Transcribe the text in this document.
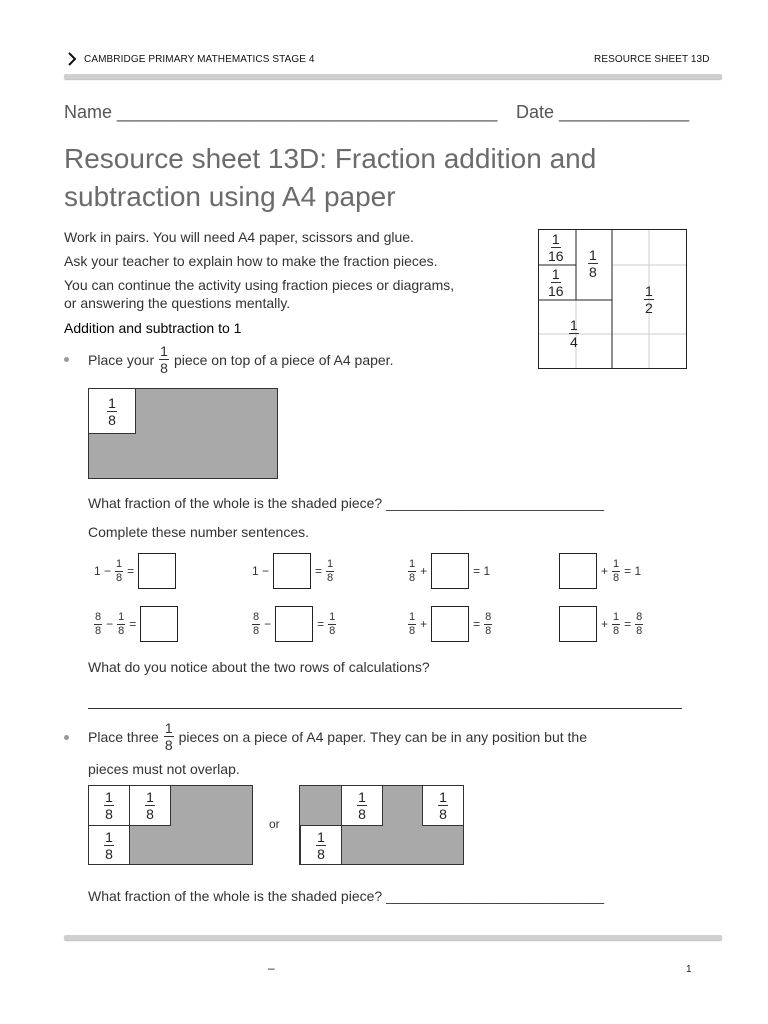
CAMBRIDGE PRIMARY MATHEMATICS STAGE 4	RESOURCE SHEET 13D
Name ______________________________________ Date _____________
Resource sheet 13D: Fraction addition and
subtraction using A4 paper
Work in pairs. You will need A4 paper, scissors and glue.
Ask your teacher to explain how to make the fraction pieces.
You can continue the activity using fraction pieces or diagrams,
or answering the questions mentally.
Addition and subtraction to 1
$\frac{1}{16}$
$\frac{1}{16}$
$\frac{1}{8}$
$\frac{1}{2}$
$\frac{1}{4}$
Place your $\frac{1}{8}$ piece on top of a piece of A4 paper.
$\frac{1}{8}$
What fraction of the whole is the shaded piece? ____________________________
Complete these number sentences.
$1 - \frac{1}{8}$ =	1 −	= $\frac{1}{8}$	$\frac{1}{8}$ +	= 1	+ $\frac{1}{8} = 1$
$\frac{8}{8} - \frac{1}{8}$ =	$\frac{8}{8}$ −	= $\frac{1}{8}$	$\frac{1}{8}$ +	= $\frac{8}{8}$	+ $\frac{1}{8} = \frac{8}{8}$
What do you notice about the two rows of calculations?
Place three $\frac{1}{8}$ pieces on a piece of A4 paper. They can be in any position but the
pieces must not overlap.
$\frac{1}{8} \frac{1}{8}$
$\frac{1}{8}$
or
$\frac{1}{8}$	$\frac{1}{8}$
$\frac{1}{8}$
What fraction of the whole is the shaded piece? ____________________________
–	1
